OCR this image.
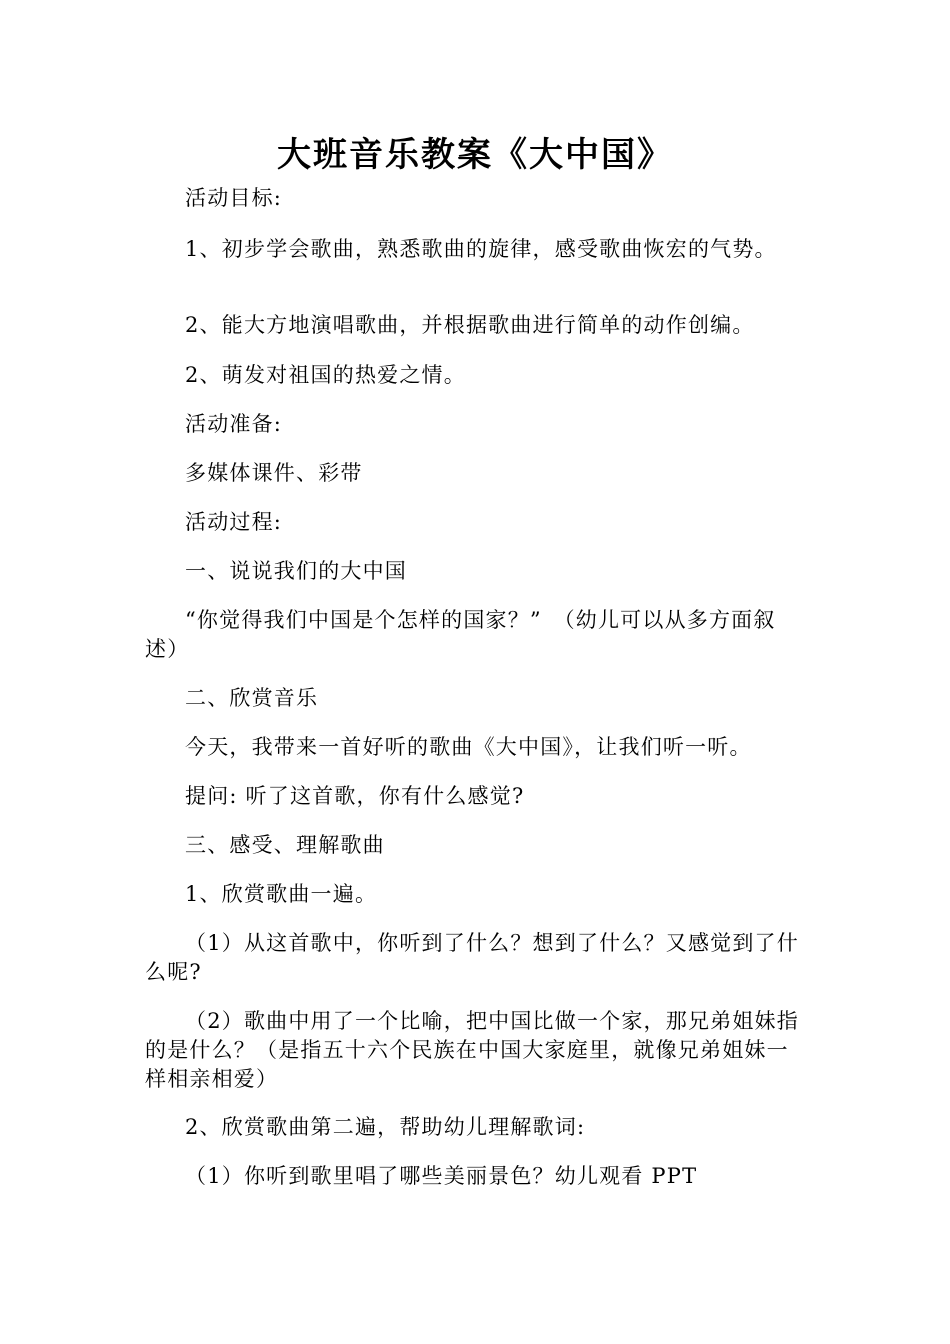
大班音乐教案《大中国》
活动目标:
1、初步学会歌曲，熟悉歌曲的旋律，感受歌曲恢宏的气势。
2、能大方地演唱歌曲，并根据歌曲进行简单的动作创编。
2、萌发对祖国的热爱之情。
活动准备:
多媒体课件、彩带
活动过程:
一、说说我们的大中国
“你觉得我们中国是个怎样的国家？”　（幼儿可以从多方面叙述）
二、欣赏音乐
今天，我带来一首好听的歌曲《大中国》，让我们听一听。
提问: 听了这首歌，你有什么感觉?
三、感受、理解歌曲
1、欣赏歌曲一遍。
（1）从这首歌中，你听到了什么？想到了什么？又感觉到了什么呢?
（2）歌曲中用了一个比喻，把中国比做一个家，那兄弟姐妹指的是什么？（是指五十六个民族在中国大家庭里，就像兄弟姐妹一样相亲相爱）
2、欣赏歌曲第二遍，帮助幼儿理解歌词:
（1）你听到歌里唱了哪些美丽景色？幼儿观看 PPT
